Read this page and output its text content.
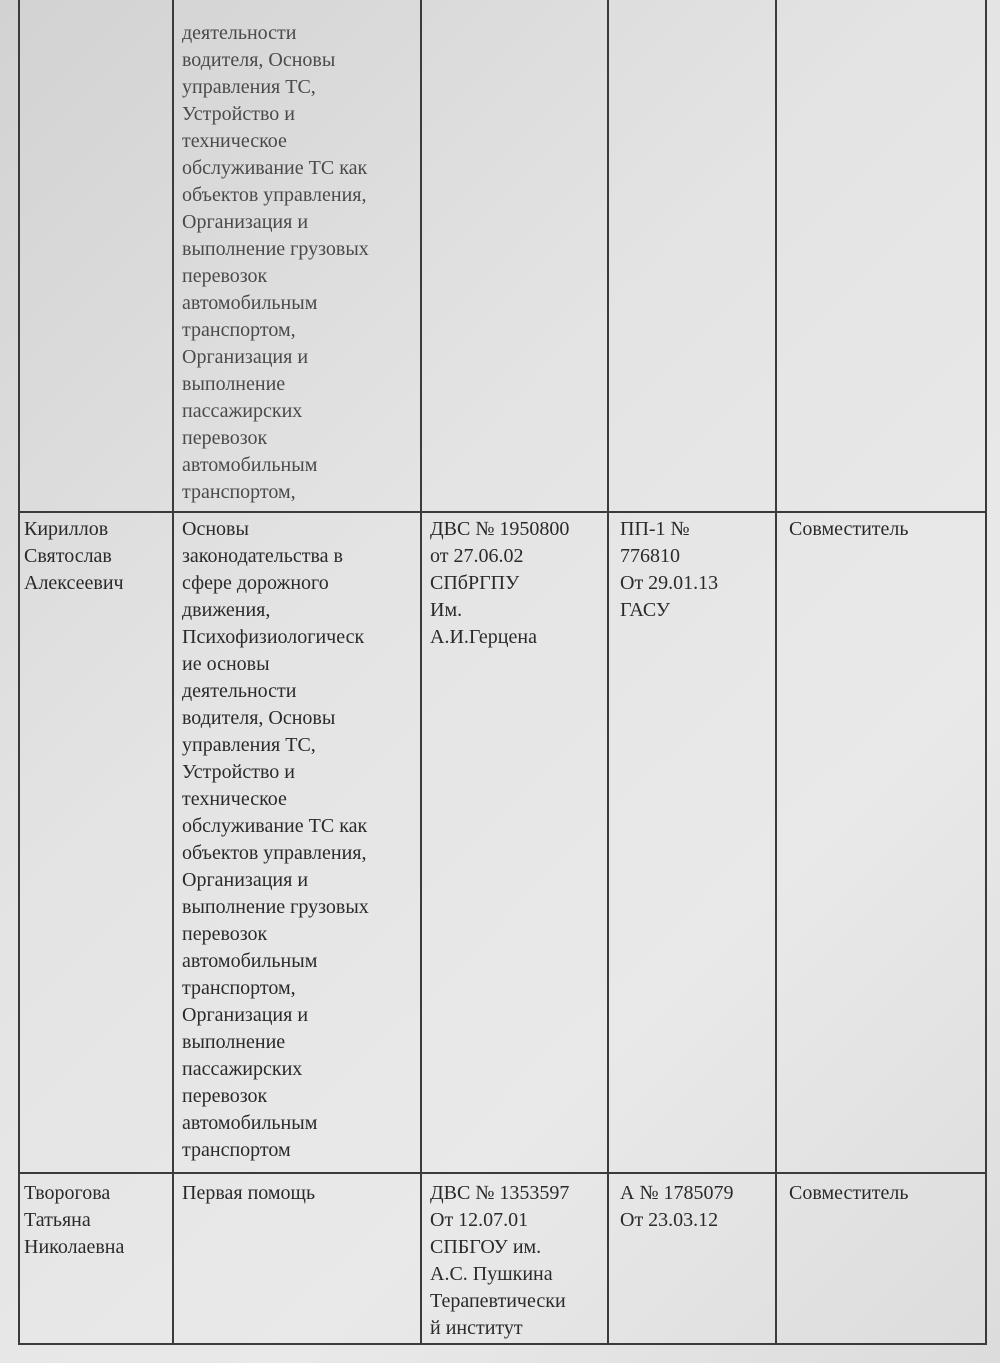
деятельности
водителя, Основы
управления ТС,
Устройство и
техническое
обслуживание ТС как
объектов управления,
Организация и
выполнение грузовых
перевозок
автомобильным
транспортом,
Организация и
выполнение
пассажирских
перевозок
автомобильным
транспортом,
Кириллов
Святослав
Алексеевич
Основы
законодательства в
сфере дорожного
движения,
Психофизиологическ
ие основы
деятельности
водителя, Основы
управления ТС,
Устройство и
техническое
обслуживание ТС как
объектов управления,
Организация и
выполнение грузовых
перевозок
автомобильным
транспортом,
Организация и
выполнение
пассажирских
перевозок
автомобильным
транспортом
ДВС № 1950800
от 27.06.02
СПбРГПУ
Им.
А.И.Герцена
ПП-1 №
776810
От 29.01.13
ГАСУ
Совместитель
Творогова
Татьяна
Николаевна
Первая помощь	ДВС № 1353597
От 12.07.01
СПБГОУ им.
А.С. Пушкина
Терапевтически
й институт
А № 1785079
От 23.03.12
Совместитель
